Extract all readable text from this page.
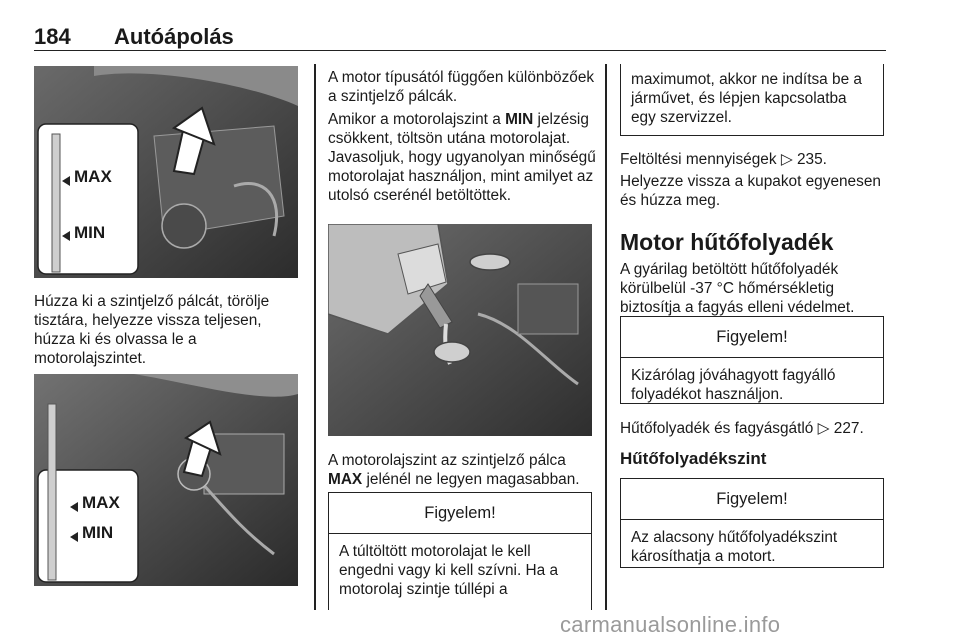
184 Autóápolás
MAX
MIN

Húzza ki a szintjelző pálcát, törölje tisztára, helyezze vissza teljesen, húzza ki és olvassa le a motorolajszintet.

MAX
MIN

A motor típusától függően különbözőek a szintjelző pálcák.

Amikor a motorolajszint a MIN jelzésig csökkent, töltsön utána motorolajat. Javasoljuk, hogy ugyanolyan minőségű motorolajat használjon, mint amilyet az utolsó cserénél betöltöttek.

A motorolajszint az szintjelző pálca MAX jelénél ne legyen magasabban.

Figyelem!
A túltöltött motorolajat le kell engedni vagy ki kell szívni. Ha a motorolaj szintje túllépi a
maximumot, akkor ne indítsa be a járművet, és lépjen kapcsolatba egy szervizzel.

Feltöltési mennyiségek ▷ 235.

Helyezze vissza a kupakot egyenesen és húzza meg.

Motor hűtőfolyadék

A gyárilag betöltött hűtőfolyadék körülbelül -37 °C hőmérsékletig biztosítja a fagyás elleni védelmet.

Figyelem!
Kizárólag jóváhagyott fagyálló folyadékot használjon.

Hűtőfolyadék és fagyásgátló ▷ 227.

Hűtőfolyadékszint
Figyelem!
Az alacsony hűtőfolyadékszint károsíthatja a motort.
carmanualsonline.info
